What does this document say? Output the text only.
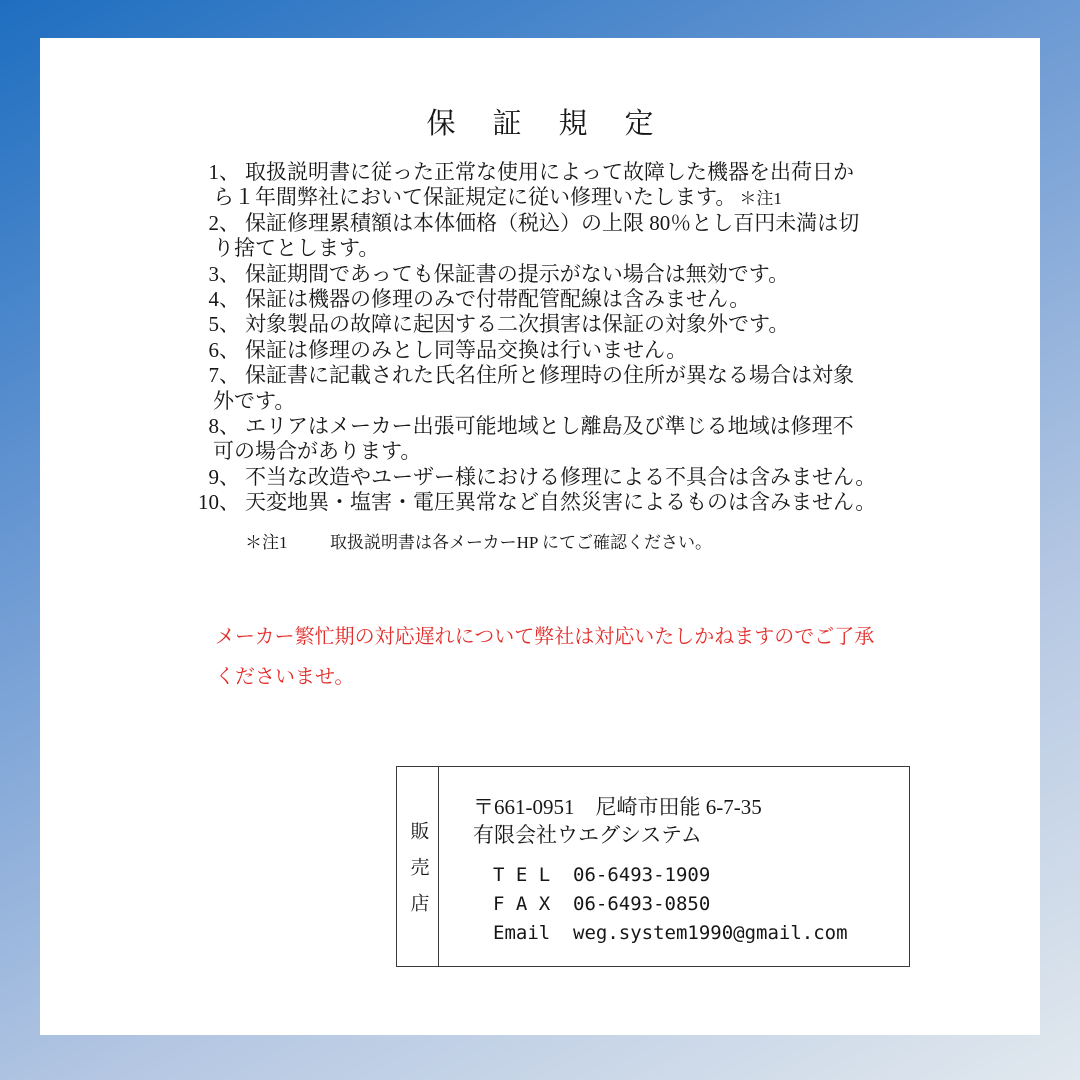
保証規定
1、 取扱説明書に従った正常な使用によって故障した機器を出荷日か
ら１年間弊社において保証規定に従い修理いたします。 ＊注1
2、 保証修理累積額は本体価格（税込）の上限 80％とし百円未満は切
り捨てとします。
3、 保証期間であっても保証書の提示がない場合は無効です。
4、 保証は機器の修理のみで付帯配管配線は含みません。
5、 対象製品の故障に起因する二次損害は保証の対象外です。
6、 保証は修理のみとし同等品交換は行いません。
7、 保証書に記載された氏名住所と修理時の住所が異なる場合は対象
外です。
8、 エリアはメーカー出張可能地域とし離島及び準じる地域は修理不
可の場合があります。
9、 不当な改造やユーザー様における修理による不具合は含みません。
10、 天変地異・塩害・電圧異常など自然災害によるものは含みません。
＊注1	取扱説明書は各メーカーHP にてご確認ください。
メーカー繁忙期の対応遅れについて弊社は対応いたしかねますのでご了承
くださいませ。
販売店
〒661-0951　尼崎市田能 6-7-35
有限会社ウエグシステム
T E L 06-6493-1909
F A X 06-6493-0850
Email weg.system1990@gmail.com
